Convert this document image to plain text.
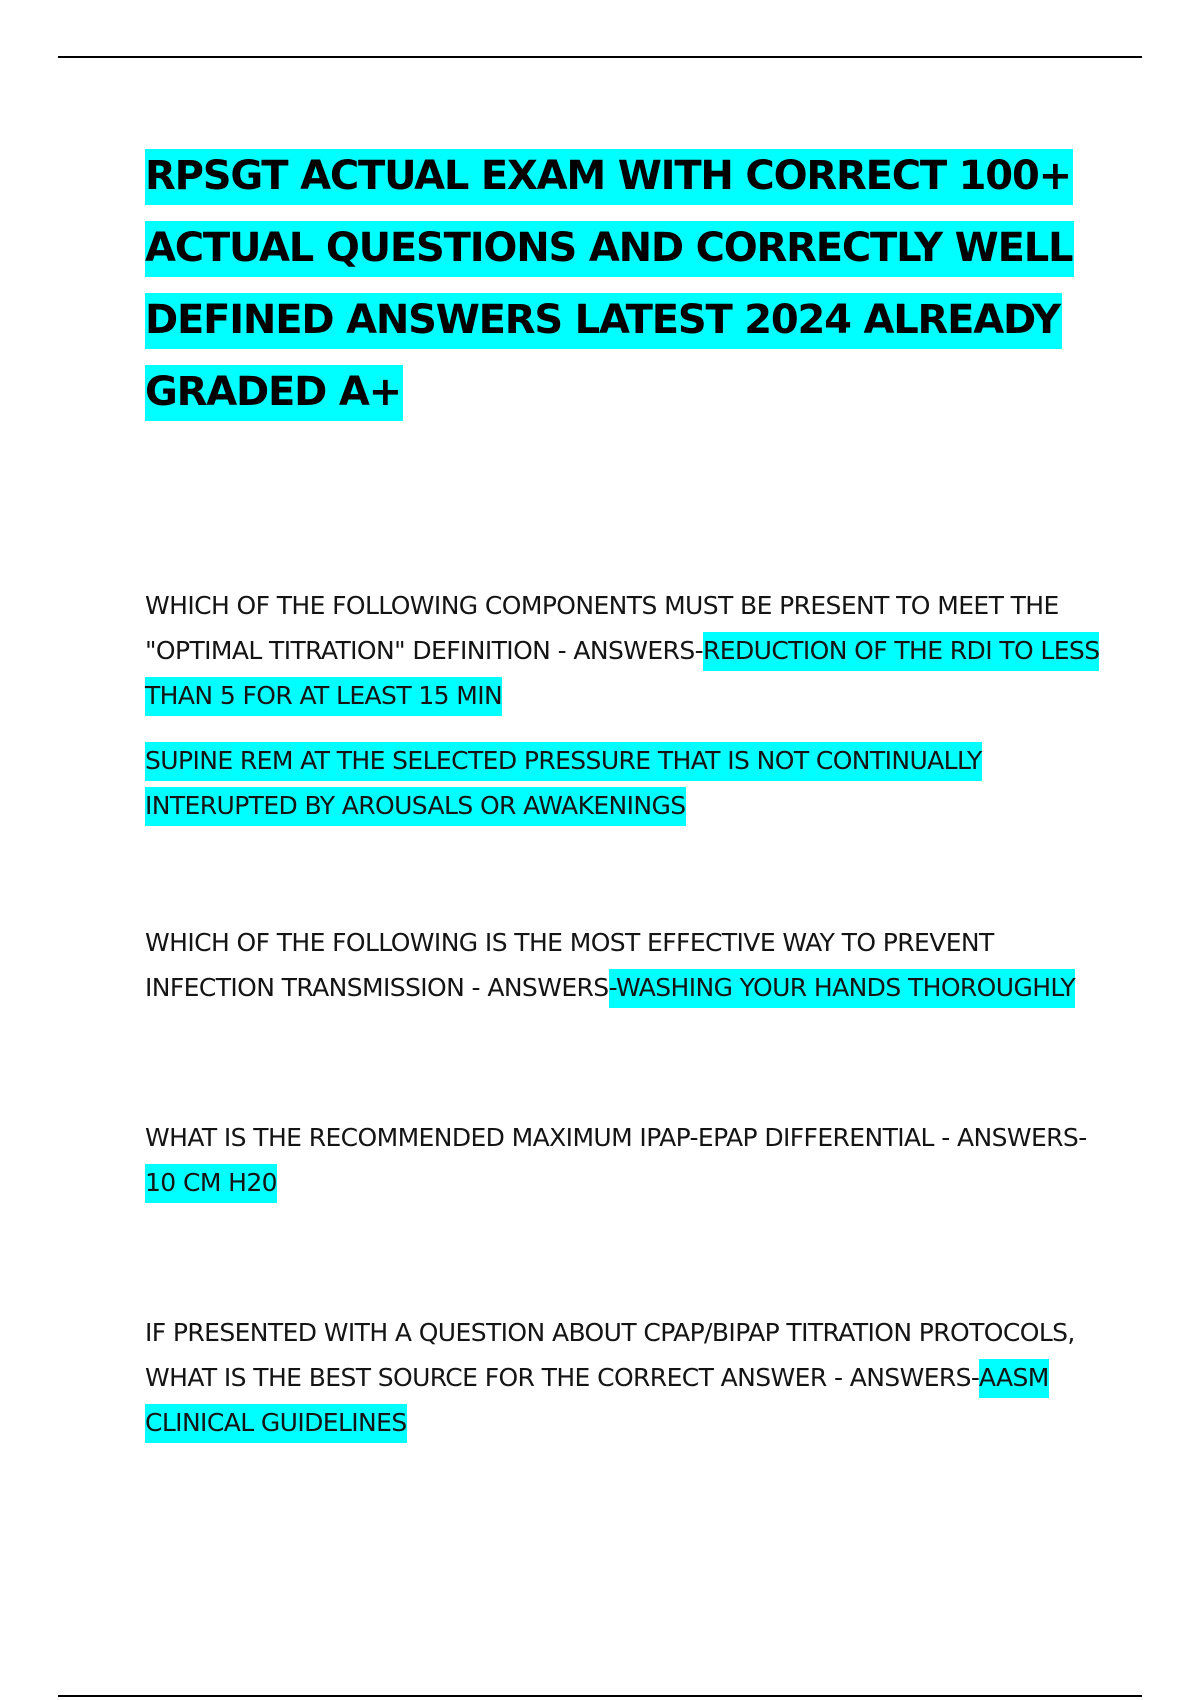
RPSGT ACTUAL EXAM WITH CORRECT 100+ ACTUAL QUESTIONS AND CORRECTLY WELL DEFINED ANSWERS LATEST 2024 ALREADY GRADED A+

WHICH OF THE FOLLOWING COMPONENTS MUST BE PRESENT TO MEET THE "OPTIMAL TITRATION" DEFINITION - ANSWERS-REDUCTION OF THE RDI TO LESS THAN 5 FOR AT LEAST 15 MIN

SUPINE REM AT THE SELECTED PRESSURE THAT IS NOT CONTINUALLY INTERUPTED BY AROUSALS OR AWAKENINGS

WHICH OF THE FOLLOWING IS THE MOST EFFECTIVE WAY TO PREVENT INFECTION TRANSMISSION - ANSWERS-WASHING YOUR HANDS THOROUGHLY

WHAT IS THE RECOMMENDED MAXIMUM IPAP-EPAP DIFFERENTIAL - ANSWERS-10 CM H20

IF PRESENTED WITH A QUESTION ABOUT CPAP/BIPAP TITRATION PROTOCOLS, WHAT IS THE BEST SOURCE FOR THE CORRECT ANSWER - ANSWERS-AASM CLINICAL GUIDELINES
